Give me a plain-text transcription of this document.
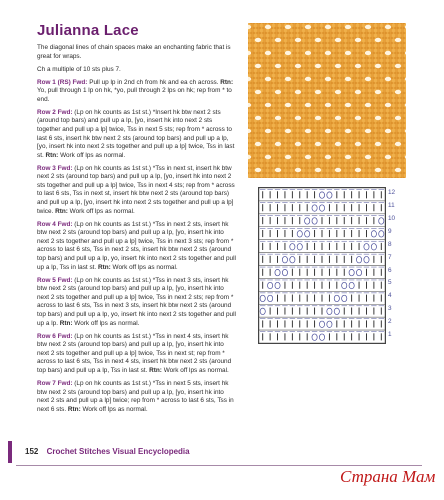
Julianna Lace

The diagonal lines of chain spaces make an enchanting fabric that is great for wraps.

Ch a multiple of 10 sts plus 7.

Row 1 (RS) Fwd: Pull up lp in 2nd ch from hk and ea ch across. Rtn: Yo, pull through 1 lp on hk, *yo, pull through 2 lps on hk; rep from * to end.

Row 2 Fwd: (Lp on hk counts as 1st st.) *Insert hk btw next 2 sts (around top bars) and pull up a lp, [yo, insert hk into next 2 sts together and pull up a lp] twice, Tss in next 5 sts; rep from * across to last 6 sts, insert hk btw next 2 sts (around top bars) and pull up a lp, [yo, insert hk into next 2 sts together and pull up a lp] twice, Tss in last st. Rtn: Work off lps as normal.

Row 3 Fwd: (Lp on hk counts as 1st st.) *Tss in next st, insert hk btw next 2 sts (around top bars) and pull up a lp, [yo, insert hk into next 2 sts together and pull up a lp] twice, Tss in next 4 sts; rep from * across to last 6 sts, Tss in next st, insert hk btw next 2 sts (around top bars) and pull up a lp, [yo, insert hk into next 2 sts together and pull up a lp] twice. Rtn: Work off lps as normal.

Row 4 Fwd: (Lp on hk counts as 1st st.) *Tss in next 2 sts, insert hk btw next 2 sts (around top bars) and pull up a lp, [yo, insert hk into next 2 sts together and pull up a lp] twice, Tss in next 3 sts; rep from * across to last 6 sts, Tss in next 2 sts, insert hk btw next 2 sts (around top bars) and pull up a lp, yo, insert hk into next 2 sts together and pull up a lp, Tss in last st. Rtn: Work off lps as normal.

Row 5 Fwd: (Lp on hk counts as 1st st.) *Tss in next 3 sts, insert hk btw next 2 sts (around top bars) and pull up a lp, [yo, insert hk into next 2 sts together and pull up a lp] twice, Tss in next 2 sts; rep from * across to last 6 sts, Tss in next 3 sts, insert hk btw next 2 sts (around top bars) and pull up a lp, yo, insert hk into next 2 sts together and pull up a lp. Rtn: Work off lps as normal.

Row 6 Fwd: (Lp on hk counts as 1st st.) *Tss in next 4 sts, insert hk btw next 2 sts (around top bars) and pull up a lp, [yo, insert hk into next 2 sts together and pull up a lp] twice, Tss in next st; rep from * across to last 6 sts, Tss in next 4 sts, insert hk btw next 2 sts (around top bars) and pull up a lp, Tss in last st. Rtn: Work off lps as normal.

Row 7 Fwd: (Lp on hk counts as 1st st.) *Tss in next 5 sts, insert hk btw next 2 sts (around top bars) and pull up a lp, [yo, insert hk into next 2 sts and pull up a lp] twice; rep from * across to last 6 sts, Tss in next 6 sts. Rtn: Work off lps as normal.

12
11
10
9
8
7
6
5
4
3
2
1
152 Crochet Stitches Visual Encyclopedia
Страна Мам
